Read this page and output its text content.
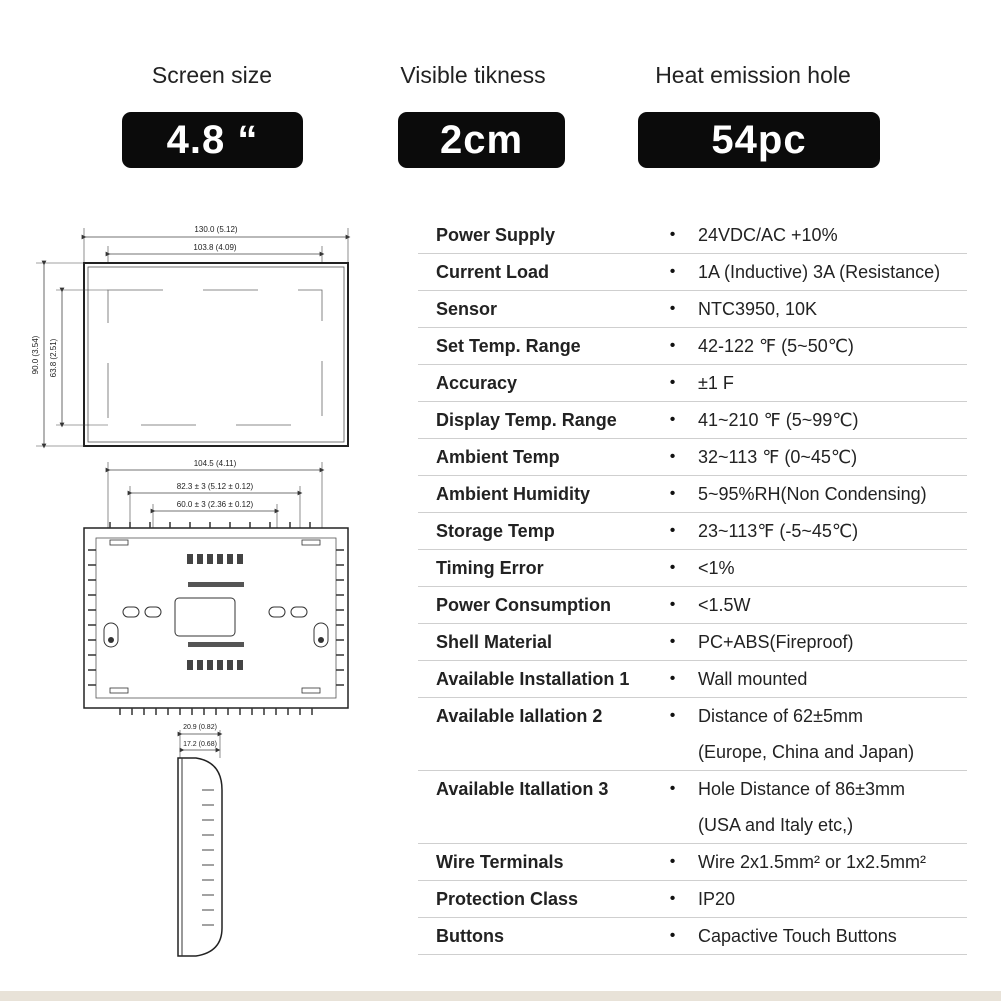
Screen size	Visible tikness	Heat emission hole
4.8 “	2cm	54pc
130.0 (5.12)
103.8 (4.09)
90.0 (3.54) 63.8 (2.51)
104.5 (4.11)
82.3 ± 3 (5.12 ± 0.12)
60.0 ± 3 (2.36 ± 0.12)
20.9 (0.82)
17.2 (0.68)
Power Supply	•	24VDC/AC +10%
Current Load	•	1A (Inductive) 3A (Resistance)
Sensor	•	NTC3950, 10K
Set Temp. Range	•	42-122 ℉ (5~50℃)
Accuracy	•	±1 F
Display Temp. Range	•	41~210 ℉ (5~99℃)
Ambient Temp	•	32~113 ℉ (0~45℃)
Ambient Humidity	•	5~95%RH(Non Condensing)
Storage Temp	•	23~113℉ (-5~45℃)
Timing Error	•	<1%
Power Consumption	•	<1.5W
Shell Material	•	PC+ABS(Fireproof)
Available Installation 1	•	Wall mounted
Available Iallation 2	•	Distance of 62±5mm
(Europe, China and Japan)
Available Itallation 3	•	Hole Distance of 86±3mm
(USA and Italy etc,)
Wire Terminals	•	Wire 2x1.5mm² or 1x2.5mm²
Protection Class	•	IP20
Buttons	•	Capactive Touch Buttons
